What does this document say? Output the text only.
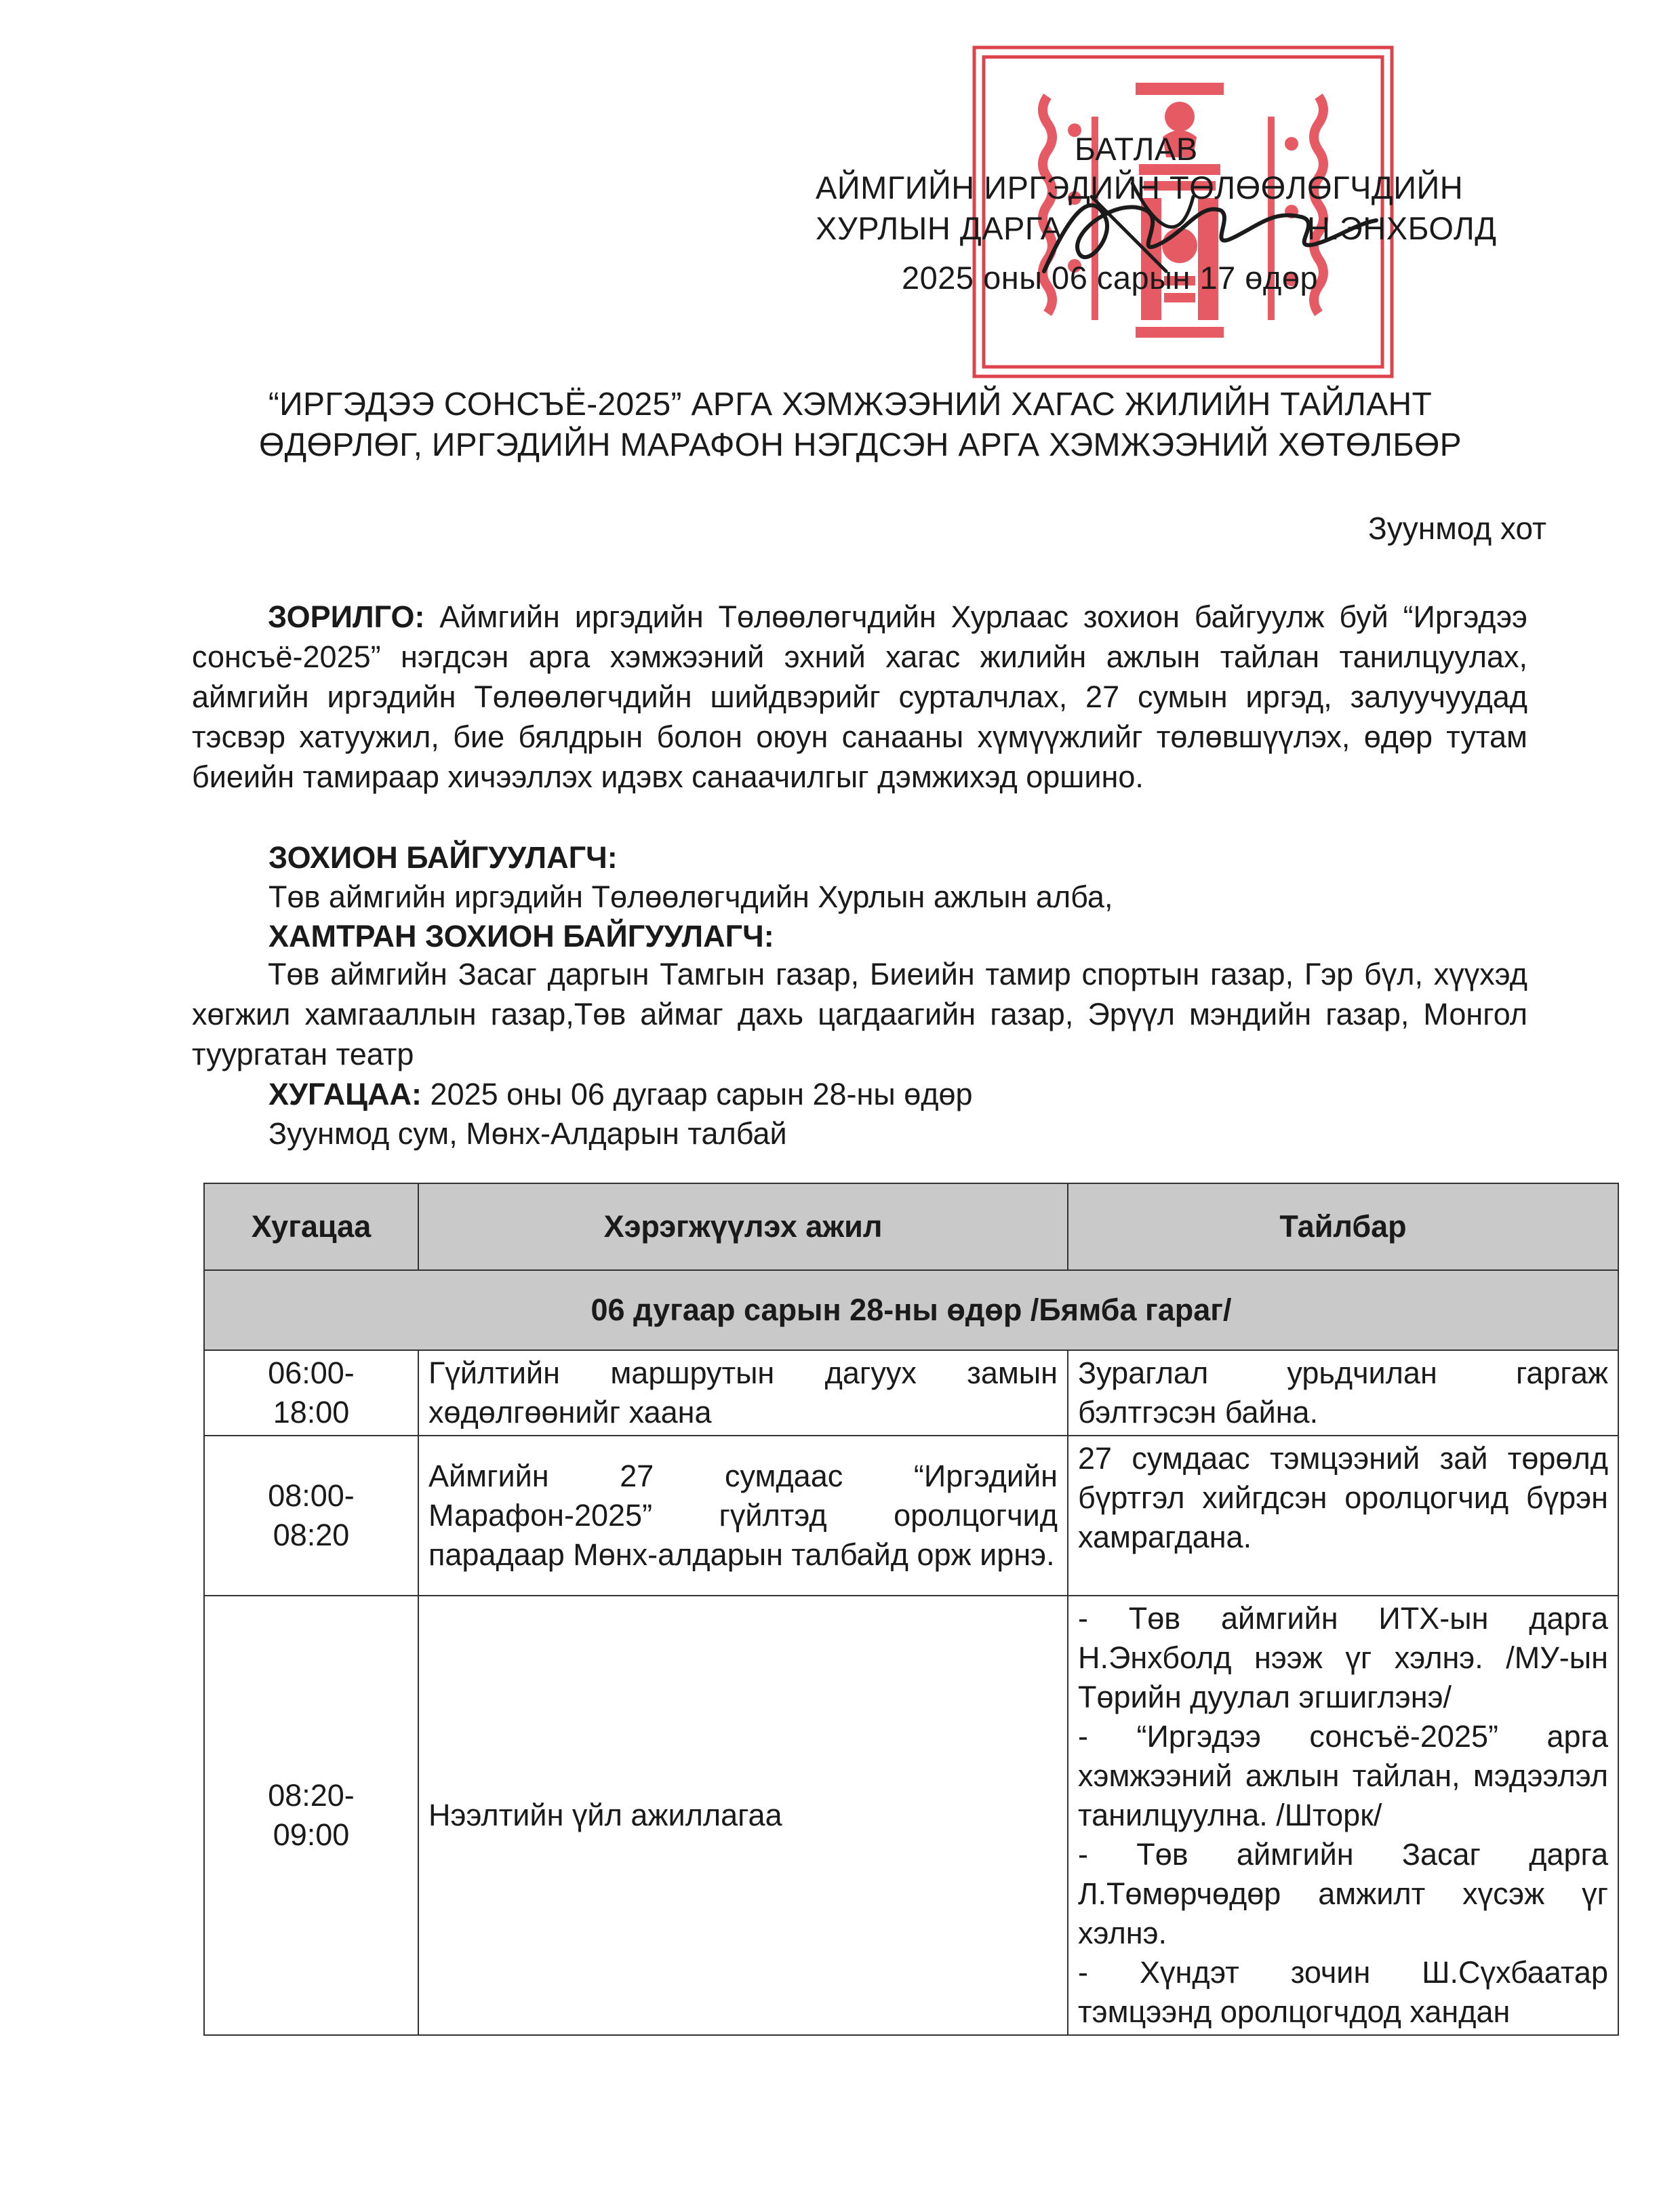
БАТЛАВ
АЙМГИЙН ИРГЭДИЙН ТӨЛӨӨЛӨГЧДИЙН
ХУРЛЫН ДАРГА	Н.ЭНХБОЛД
2025 оны 06 сарын 17 өдөр
“ИРГЭДЭЭ СОНСЪЁ-2025” АРГА ХЭМЖЭЭНИЙ ХАГАС ЖИЛИЙН ТАЙЛАНТ
ӨДӨРЛӨГ, ИРГЭДИЙН МАРАФОН НЭГДСЭН АРГА ХЭМЖЭЭНИЙ ХӨТӨЛБӨР
Зуунмод хот
ЗОРИЛГО: Аймгийн иргэдийн Төлөөлөгчдийн Хурлаас зохион байгуулж буй “Иргэдээ сонсъё-2025” нэгдсэн арга хэмжээний эхний хагас жилийн ажлын тайлан танилцуулах, аймгийн иргэдийн Төлөөлөгчдийн шийдвэрийг сурталчлах, 27 сумын иргэд, залуучуудад тэсвэр хатуужил, бие бялдрын болон оюун санааны хүмүүжлийг төлөвшүүлэх, өдөр тутам биеийн тамираар хичээллэх идэвх санаачилгыг дэмжихэд оршино.
ЗОХИОН БАЙГУУЛАГЧ:
Төв аймгийн иргэдийн Төлөөлөгчдийн Хурлын ажлын алба,
ХАМТРАН ЗОХИОН БАЙГУУЛАГЧ:
Төв аймгийн Засаг даргын Тамгын газар, Биеийн тамир спортын газар, Гэр бүл, хүүхэд хөгжил хамгааллын газар,Төв аймаг дахь цагдаагийн газар, Эрүүл мэндийн газар, Монгол туургатан театр
ХУГАЦАА: 2025 оны 06 дугаар сарын 28-ны өдөр
Зуунмод сум, Мөнх-Алдарын талбай
Хугацаа	Хэрэгжүүлэх ажил	Тайлбар
06 дугаар сарын 28-ны өдөр /Бямба гараг/		
06:00-
18:00	Гүйлтийн маршрутын дагуух замын хөдөлгөөнийг хаана	Зураглал урьдчилан гаргаж бэлтгэсэн байна.

08:00-
08:20	Аймгийн 27 сумдаас “Иргэдийн Марафон-2025” гүйлтэд оролцогчид парадаар Мөнх-алдарын талбайд орж ирнэ.	27 сумдаас тэмцээний зай төрөлд бүртгэл хийгдсэн оролцогчид бүрэн хамрагдана.

08:20-
09:00	Нээлтийн үйл ажиллагаа	- Төв аймгийн ИТХ-ын дарга Н.Энхболд нээж үг хэлнэ. /МУ-ын Төрийн дуулал эгшиглэнэ/
- “Иргэдээ сонсъё-2025” арга хэмжээний ажлын тайлан, мэдээлэл танилцуулна. /Шторк/
- Төв аймгийн Засаг дарга Л.Төмөрчөдөр амжилт хүсэж үг хэлнэ.
- Хүндэт зочин Ш.Сүхбаатар тэмцээнд оролцогчдод хандан
